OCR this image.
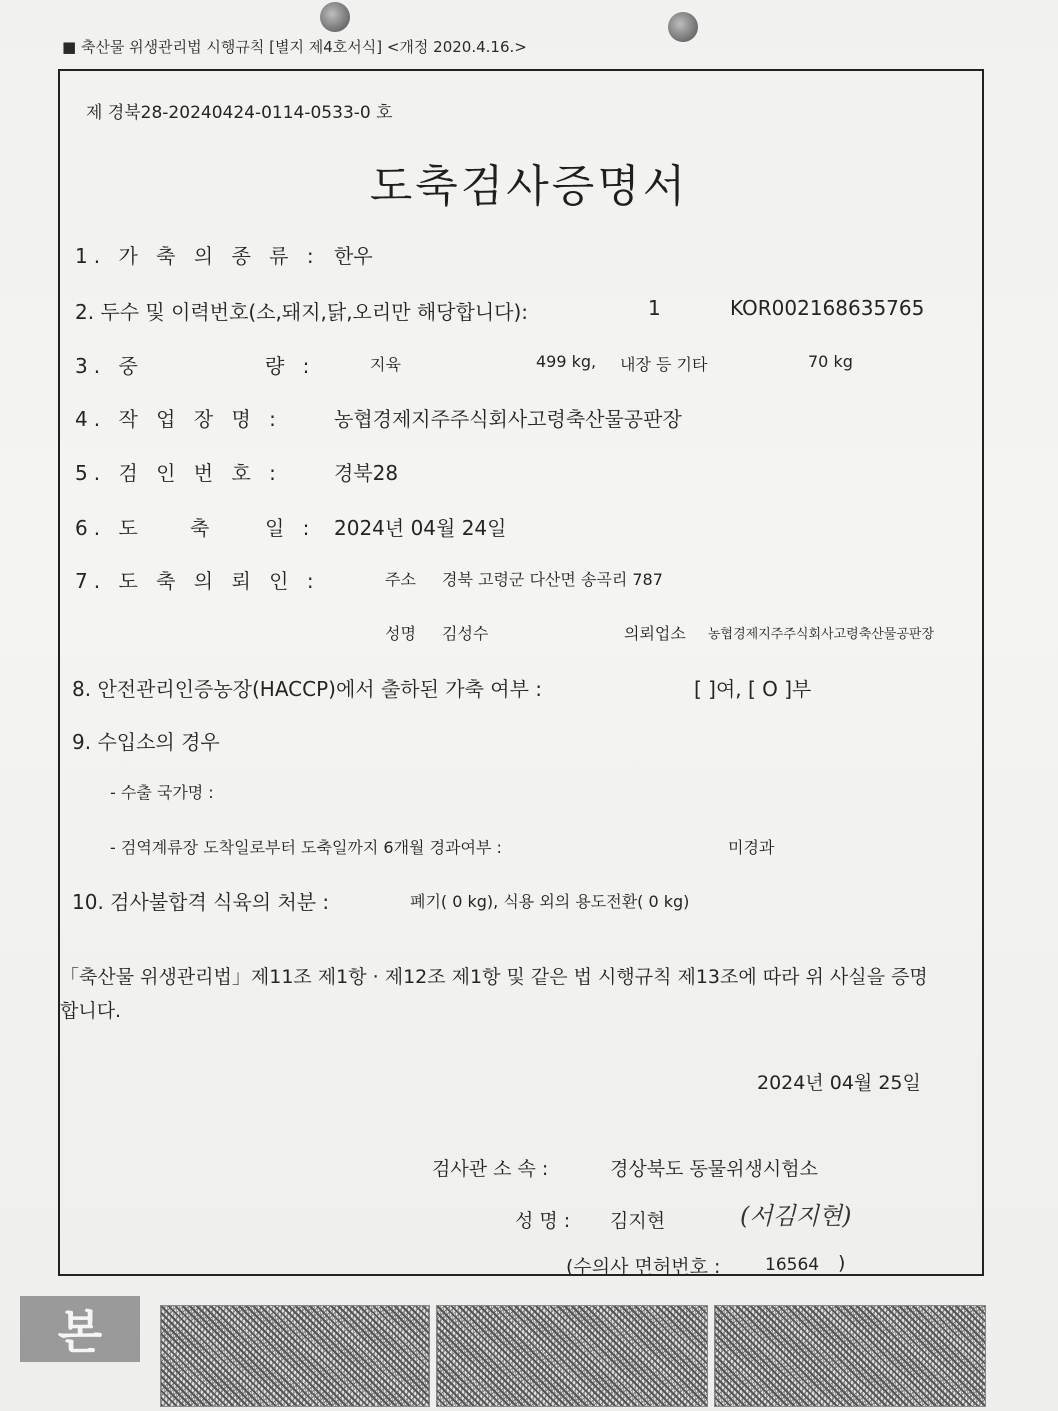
■ 축산물 위생관리법 시행규칙 [별지 제4호서식] <개정 2020.4.16.>
제 경북28-20240424-0114-0533-0 호
도축검사증명서
1. 가 축 의 종 류 : 한우
2. 두수 및 이력번호(소,돼지,닭,오리만 해당합니다):	1	KOR002168635765
3. 중	량 :	지육	499 kg, 내장 등 기타	70 kg
4. 작 업 장 명 :	농협경제지주주식회사고령축산물공판장
5. 검 인 번 호 :	경북28
6. 도 축	일 : 2024년 04월 24일
7. 도 축 의 뢰 인 :	주소 경북 고령군 다산면 송곡리 787
성명 김성수	의뢰업소 농협경제지주주식회사고령축산물공판장
8. 안전관리인증농장(HACCP)에서 출하된 가축 여부 :	[ ]여, [ O ]부
9. 수입소의 경우
- 수출 국가명 :
- 검역계류장 도착일로부터 도축일까지 6개월 경과여부 :	미경과
10. 검사불합격 식육의 처분 :	폐기( 0 kg), 식용 외의 용도전환( 0 kg)
「축산물 위생관리법」제11조 제1항 · 제12조 제1항 및 같은 법 시행규칙 제13조에 따라 위 사실을 증명
합니다.
2024년 04월 25일
검사관 소 속 :	경상북도 동물위생시험소
성 명 : 김지현	(서김지현)
(수의사 면허번호 :	16564 )
본
